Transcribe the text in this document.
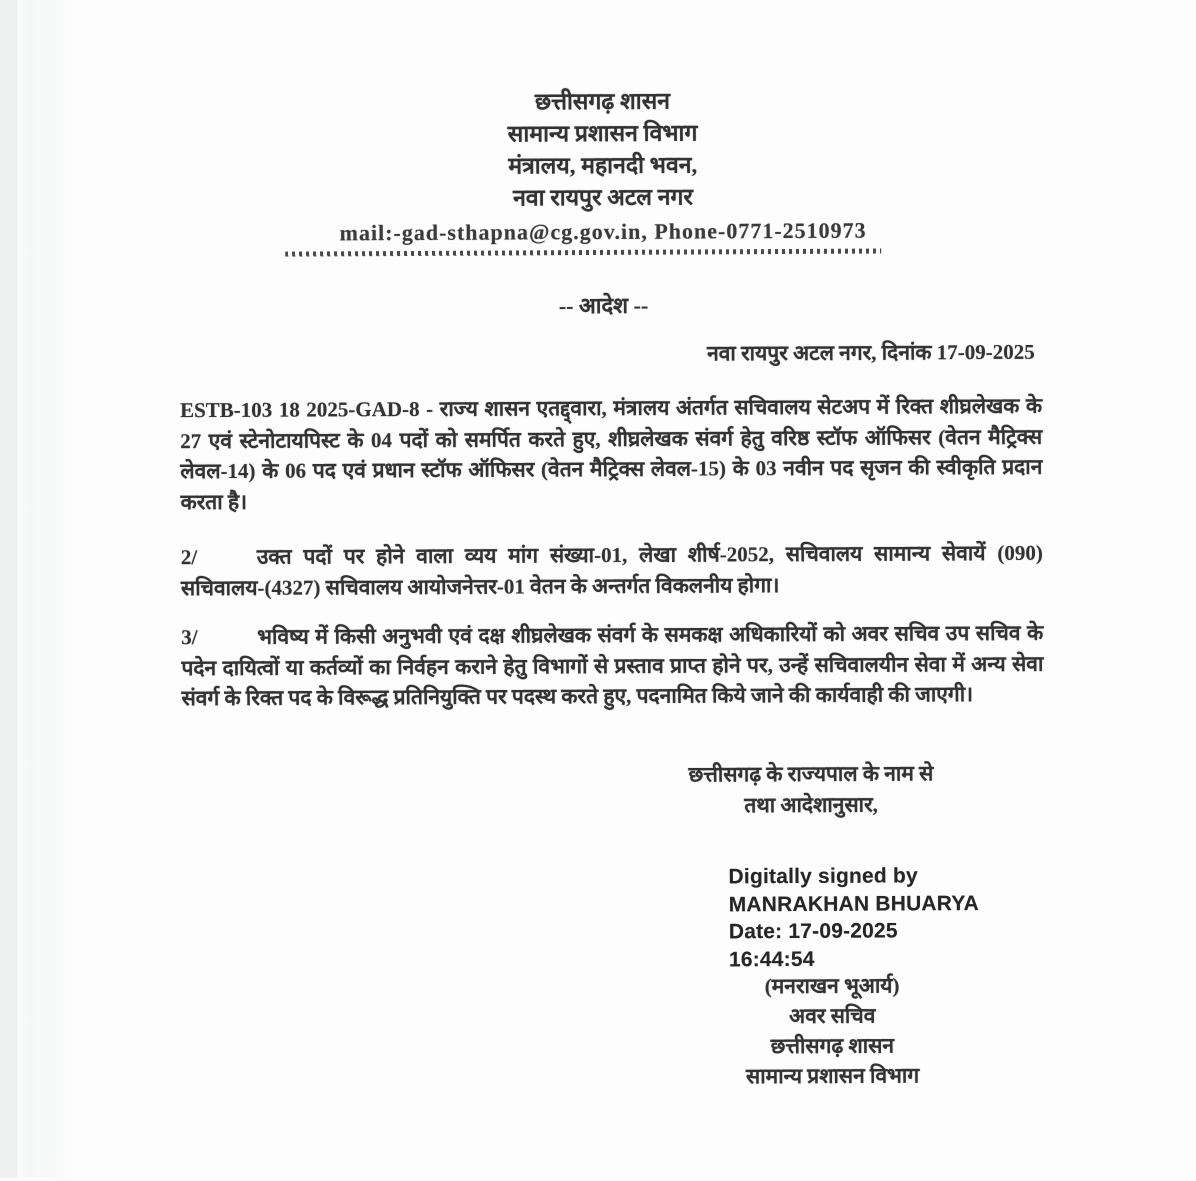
छत्तीसगढ़ शासन
सामान्य प्रशासन विभाग
मंत्रालय, महानदी भवन,
नवा रायपुर अटल नगर
mail:-gad-sthapna@cg.gov.in, Phone-0771-2510973
-- आदेश --
नवा रायपुर अटल नगर, दिनांक 17-09-2025

ESTB-103 18 2025-GAD-8 - राज्य शासन एतद्द्वारा, मंत्रालय अंतर्गत सचिवालय सेटअप में रिक्त शीघ्रलेखक के 27 एवं स्टेनोटायपिस्ट के 04 पदों को समर्पित करते हुए, शीघ्रलेखक संवर्ग हेतु वरिष्ठ स्टॉफ ऑफिसर (वेतन मैट्रिक्स लेवल-14) के 06 पद एवं प्रधान स्टॉफ ऑफिसर (वेतन मैट्रिक्स लेवल-15) के 03 नवीन पद सृजन की स्वीकृति प्रदान करता है।

2/	उक्त पदों पर होने वाला व्यय मांग संख्या-01, लेखा शीर्ष-2052, सचिवालय सामान्य सेवायें (090) सचिवालय-(4327) सचिवालय आयोजनेत्तर-01 वेतन के अन्तर्गत विकलनीय होगा।

3/	भविष्य में किसी अनुभवी एवं दक्ष शीघ्रलेखक संवर्ग के समकक्ष अधिकारियों को अवर सचिव उप सचिव के पदेन दायित्वों या कर्तव्यों का निर्वहन कराने हेतु विभागों से प्रस्ताव प्राप्त होने पर, उन्हें सचिवालयीन सेवा में अन्य सेवा संवर्ग के रिक्त पद के विरूद्ध प्रतिनियुक्ति पर पदस्थ करते हुए, पदनामित किये जाने की कार्यवाही की जाएगी।

छत्तीसगढ़ के राज्यपाल के नाम से
तथा आदेशानुसार,
Digitally signed by
MANRAKHAN BHUARYA
Date: 17-09-2025
16:44:54
(मनराखन भूआर्य)
अवर सचिव
छत्तीसगढ़ शासन
सामान्य प्रशासन विभाग
